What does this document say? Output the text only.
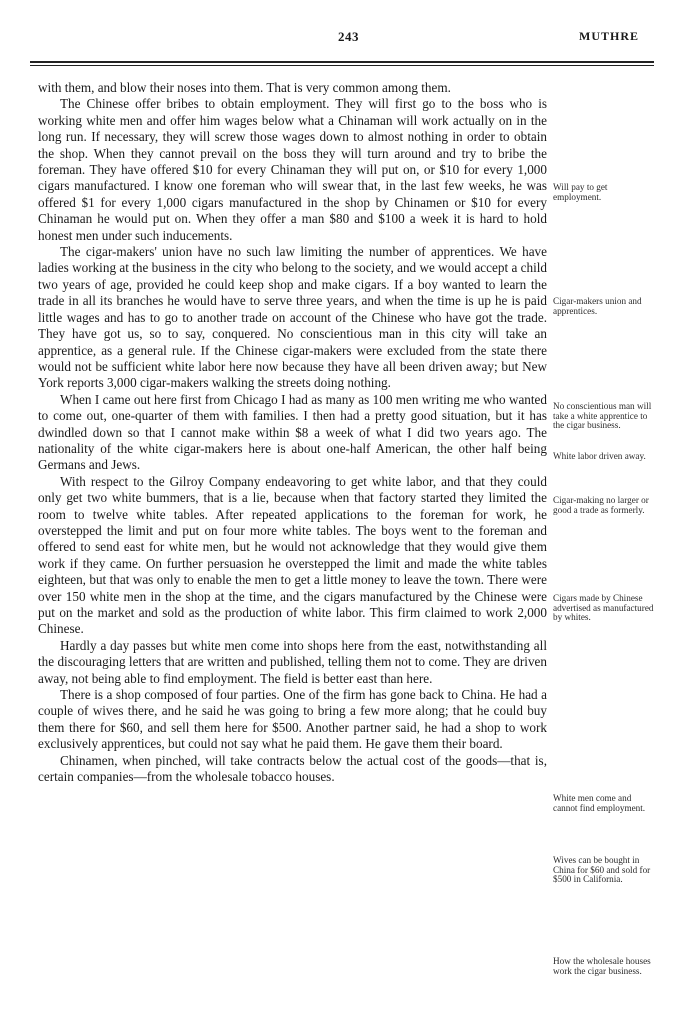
243	MUTHRE

with them, and blow their noses into them. That is very common among them.

The Chinese offer bribes to obtain employment. They will first go to the boss who is working white men and offer him wages below what a Chinaman will work actually on in the long run. If necessary, they will screw those wages down to almost nothing in order to obtain the shop. When they cannot prevail on the boss they will turn around and try to bribe the foreman. They have offered $10 for every Chinaman they will put on, or $10 for every 1,000 cigars manufactured. I know one foreman who will swear that, in the last few weeks, he was offered $1 for every 1,000 cigars manufactured in the shop by Chinamen or $10 for every Chinaman he would put on. When they offer a man $80 and $100 a week it is hard to hold honest men under such inducements.

The cigar-makers' union have no such law limiting the number of apprentices. We have ladies working at the business in the city who belong to the society, and we would accept a child two years of age, provided he could keep shop and make cigars. If a boy wanted to learn the trade in all its branches he would have to serve three years, and when the time is up he is paid little wages and has to go to another trade on account of the Chinese who have got the trade. They have got us, so to say, conquered. No conscientious man in this city will take an apprentice, as a general rule. If the Chinese cigar-makers were excluded from the state there would not be sufficient white labor here now because they have all been driven away; but New York reports 3,000 cigar-makers walking the streets doing nothing.

When I came out here first from Chicago I had as many as 100 men writing me who wanted to come out, one-quarter of them with families. I then had a pretty good situation, but it has dwindled down so that I cannot make within $8 a week of what I did two years ago. The nationality of the white cigar-makers here is about one-half American, the other half being Germans and Jews.

With respect to the Gilroy Company endeavoring to get white labor, and that they could only get two white bummers, that is a lie, because when that factory started they limited the room to twelve white tables. After repeated applications to the foreman for work, he overstepped the limit and put on four more white tables. The boys went to the foreman and offered to send east for white men, but he would not acknowledge that they would give them work if they came. On further persuasion he overstepped the limit and made the white tables eighteen, but that was only to enable the men to get a little money to leave the town. There were over 150 white men in the shop at the time, and the cigars manufactured by the Chinese were put on the market and sold as the production of white labor. This firm claimed to work 2,000 Chinese.

Hardly a day passes but white men come into shops here from the east, notwithstanding all the discouraging letters that are written and published, telling them not to come. They are driven away, not being able to find employment. The field is better east than here.

There is a shop composed of four parties. One of the firm has gone back to China. He had a couple of wives there, and he said he was going to bring a few more along; that he could buy them there for $60, and sell them here for $500. Another partner said, he had a shop to work exclusively apprentices, but could not say what he paid them. He gave them their board.

Chinamen, when pinched, will take contracts below the actual cost of the goods—that is, certain companies—from the wholesale tobacco houses.

Will pay to get employment.
Cigar-makers union and apprentices.
No conscientious man will take a white apprentice to the cigar business.
White labor driven away.
Cigar-making no larger or good a trade as formerly.
Cigars made by Chinese advertised as manufactured by whites.
White men come and cannot find employment.
Wives can be bought in China for $60 and sold for $500 in California.
How the wholesale houses work the cigar business.
